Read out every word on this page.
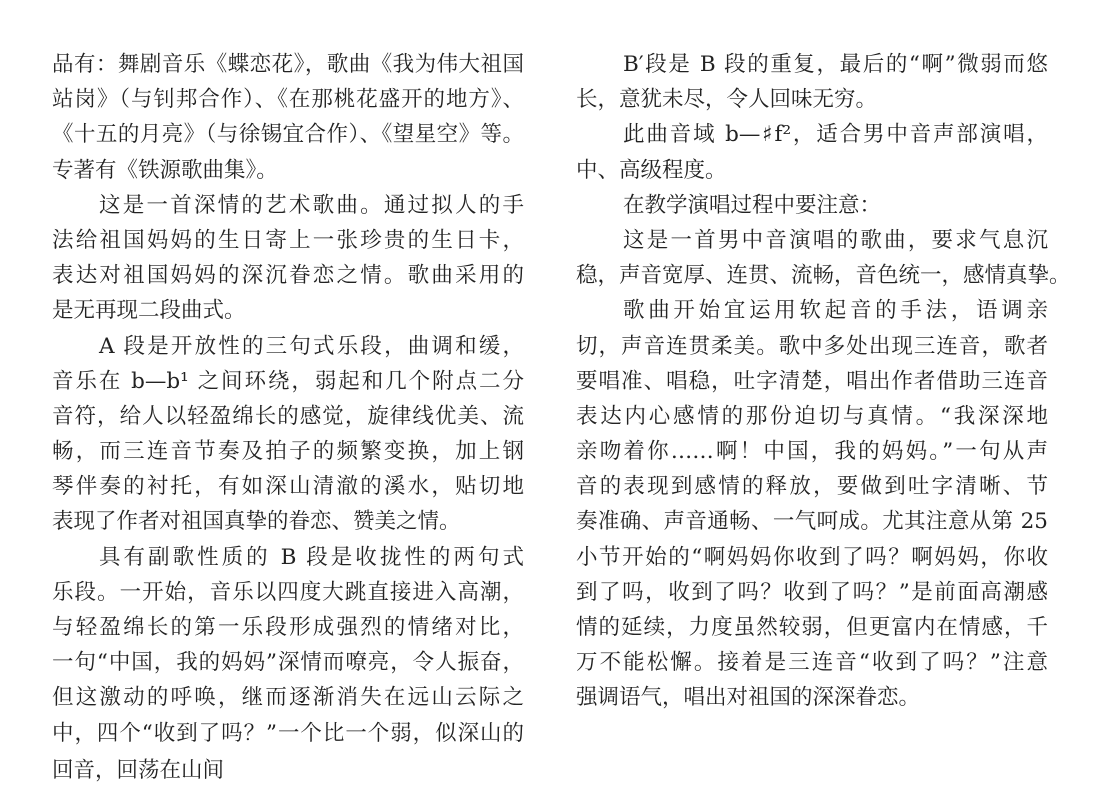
品有：舞剧音乐《蝶恋花》，歌曲《我为伟大祖国
站岗》（与钊邦合作）、《在那桃花盛开的地方》、
《十五的月亮》（与徐锡宜合作）、《望星空》等。
专著有《铁源歌曲集》。
这是一首深情的艺术歌曲。通过拟人的手
法给祖国妈妈的生日寄上一张珍贵的生日卡，
表达对祖国妈妈的深沉眷恋之情。歌曲采用的
是无再现二段曲式。
A 段是开放性的三句式乐段，曲调和缓，
音乐在 b—b¹ 之间环绕，弱起和几个附点二分
音符，给人以轻盈绵长的感觉，旋律线优美、流
畅，而三连音节奏及拍子的频繁变换，加上钢
琴伴奏的衬托，有如深山清澈的溪水，贴切地
表现了作者对祖国真挚的眷恋、赞美之情。
具有副歌性质的 B 段是收拢性的两句式
乐段。一开始，音乐以四度大跳直接进入高潮，
与轻盈绵长的第一乐段形成强烈的情绪对比，
一句“中国，我的妈妈”深情而嘹亮，令人振奋，
但这激动的呼唤，继而逐渐消失在远山云际之
中，四个“收到了吗？”一个比一个弱，似深山的
回音，回荡在山间
B′段是 B 段的重复，最后的“啊”微弱而悠
长，意犹未尽，令人回味无穷。
此曲音域 b—♯f²，适合男中音声部演唱，
中、高级程度。
在教学演唱过程中要注意：
这是一首男中音演唱的歌曲，要求气息沉
稳，声音宽厚、连贯、流畅，音色统一，感情真挚。
歌曲开始宜运用软起音的手法，语调亲
切，声音连贯柔美。歌中多处出现三连音，歌者
要唱准、唱稳，吐字清楚，唱出作者借助三连音
表达内心感情的那份迫切与真情。“我深深地
亲吻着你……啊！中国，我的妈妈。”一句从声
音的表现到感情的释放，要做到吐字清晰、节
奏准确、声音通畅、一气呵成。尤其注意从第 25
小节开始的“啊妈妈你收到了吗？啊妈妈，你收
到了吗，收到了吗？收到了吗？”是前面高潮感
情的延续，力度虽然较弱，但更富内在情感，千
万不能松懈。接着是三连音“收到了吗？”注意
强调语气，唱出对祖国的深深眷恋。
